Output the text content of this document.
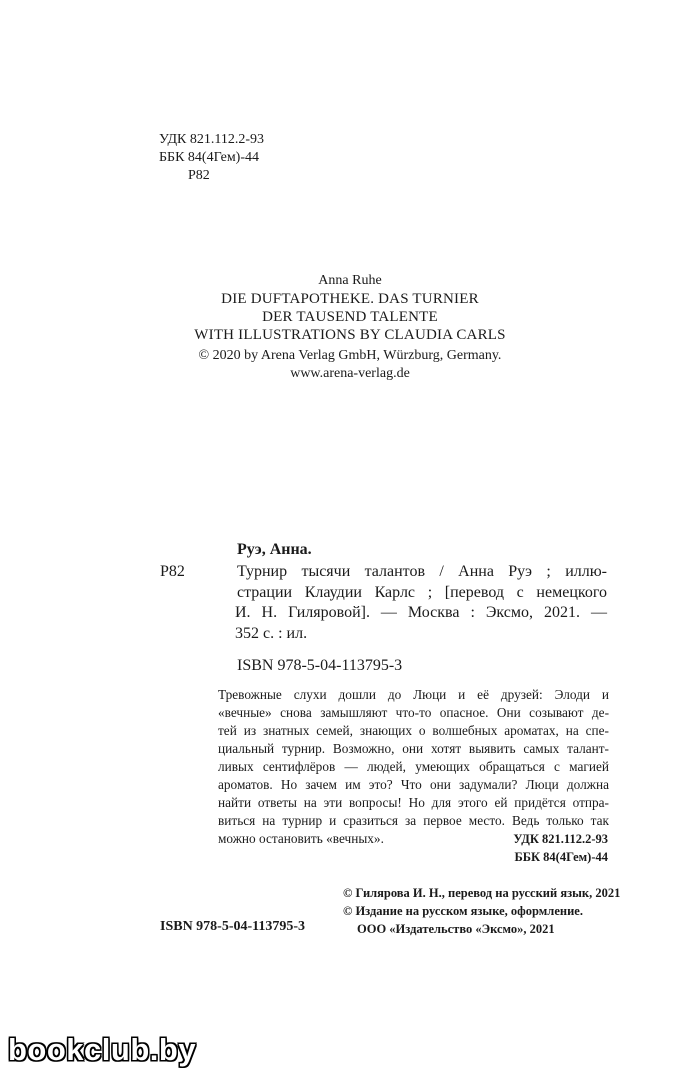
УДК 821.112.2-93

ББК 84(4Гем)-44

Р82

Anna Ruhe
DIE DUFTAPOTHEKE. DAS TURNIER
DER TAUSEND TALENTE
WITH ILLUSTRATIONS BY CLAUDIA CARLS
© 2020 by Arena Verlag GmbH, Würzburg, Germany.
www.arena-verlag.de

Руэ, Анна.

Р82	Турнир тысячи талантов / Анна Руэ ; иллю-
страции Клаудии Карлс ; [перевод с немецкого
И. Н. Гиляровой]. — Москва : Эксмо, 2021. —
352 с. : ил.

ISBN 978-5-04-113795-3

Тревожные слухи дошли до Люци и её друзей: Элоди и
«вечные» снова замышляют что-то опасное. Они созывают де-
тей из знатных семей, знающих о волшебных ароматах, на спе-
циальный турнир. Возможно, они хотят выявить самых талант-
ливых сентифлёров — людей, умеющих обращаться с магией
ароматов. Но зачем им это? Что они задумали? Люци должна
найти ответы на эти вопросы! Но для этого ей придётся отпра-
виться на турнир и сразиться за первое место. Ведь только так
можно остановить «вечных».	УДК 821.112.2-93

ББК 84(4Гем)-44

© Гилярова И. Н., перевод на русский язык, 2021
© Издание на русском языке, оформление.
ООО «Издательство «Эксмо», 2021

ISBN 978-5-04-113795-3

bookclub.by
